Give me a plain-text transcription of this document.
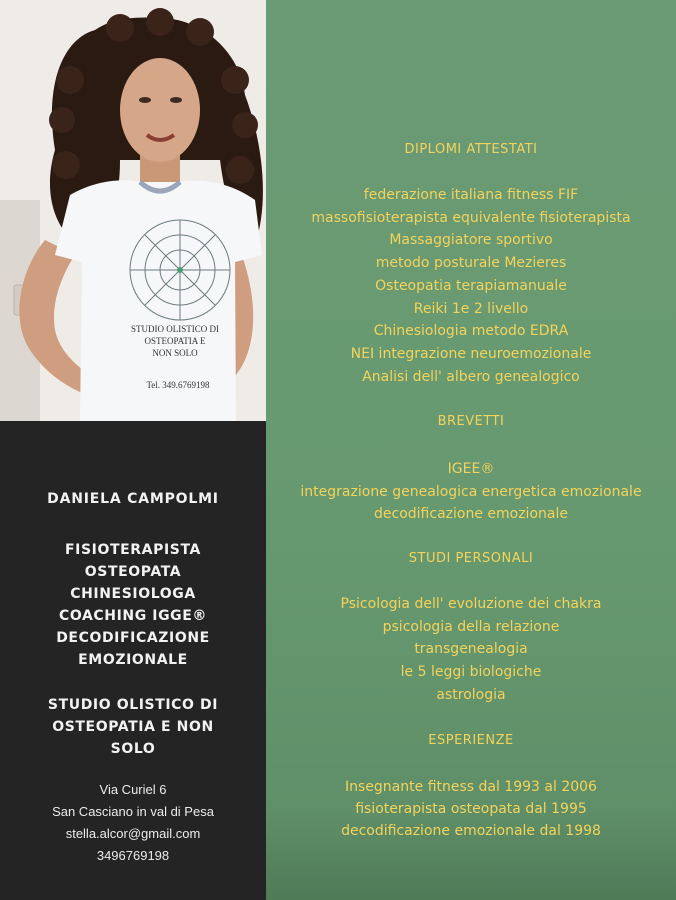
STUDIO OLISTICO DI
OSTEOPATIA E
NON SOLO
Tel. 349.6769198
DANIELA CAMPOLMI
FISIOTERAPISTA
OSTEOPATA
CHINESIOLOGA
COACHING IGGE®
DECODIFICAZIONE
EMOZIONALE
STUDIO OLISTICO DI
OSTEOPATIA E NON
SOLO
Via Curiel 6
San Casciano in val di Pesa
stella.alcor@gmail.com
3496769198
DIPLOMI ATTESTATI
federazione italiana fitness FIF
massofisioterapista equivalente fisioterapista
Massaggiatore sportivo
metodo posturale Mezieres
Osteopatia terapiamanuale
Reiki 1e 2 livello
Chinesiologia metodo EDRA
NEI integrazione neuroemozionale
Analisi dell' albero genealogico
BREVETTI
IGEE®
integrazione genealogica energetica emozionale
decodificazione emozionale
STUDI PERSONALI
Psicologia dell' evoluzione dei chakra
psicologia della relazione
transgenealogia
le 5 leggi biologiche
astrologia
ESPERIENZE
Insegnante fitness dal 1993 al 2006
fisioterapista osteopata dal 1995
decodificazione emozionale dal 1998
